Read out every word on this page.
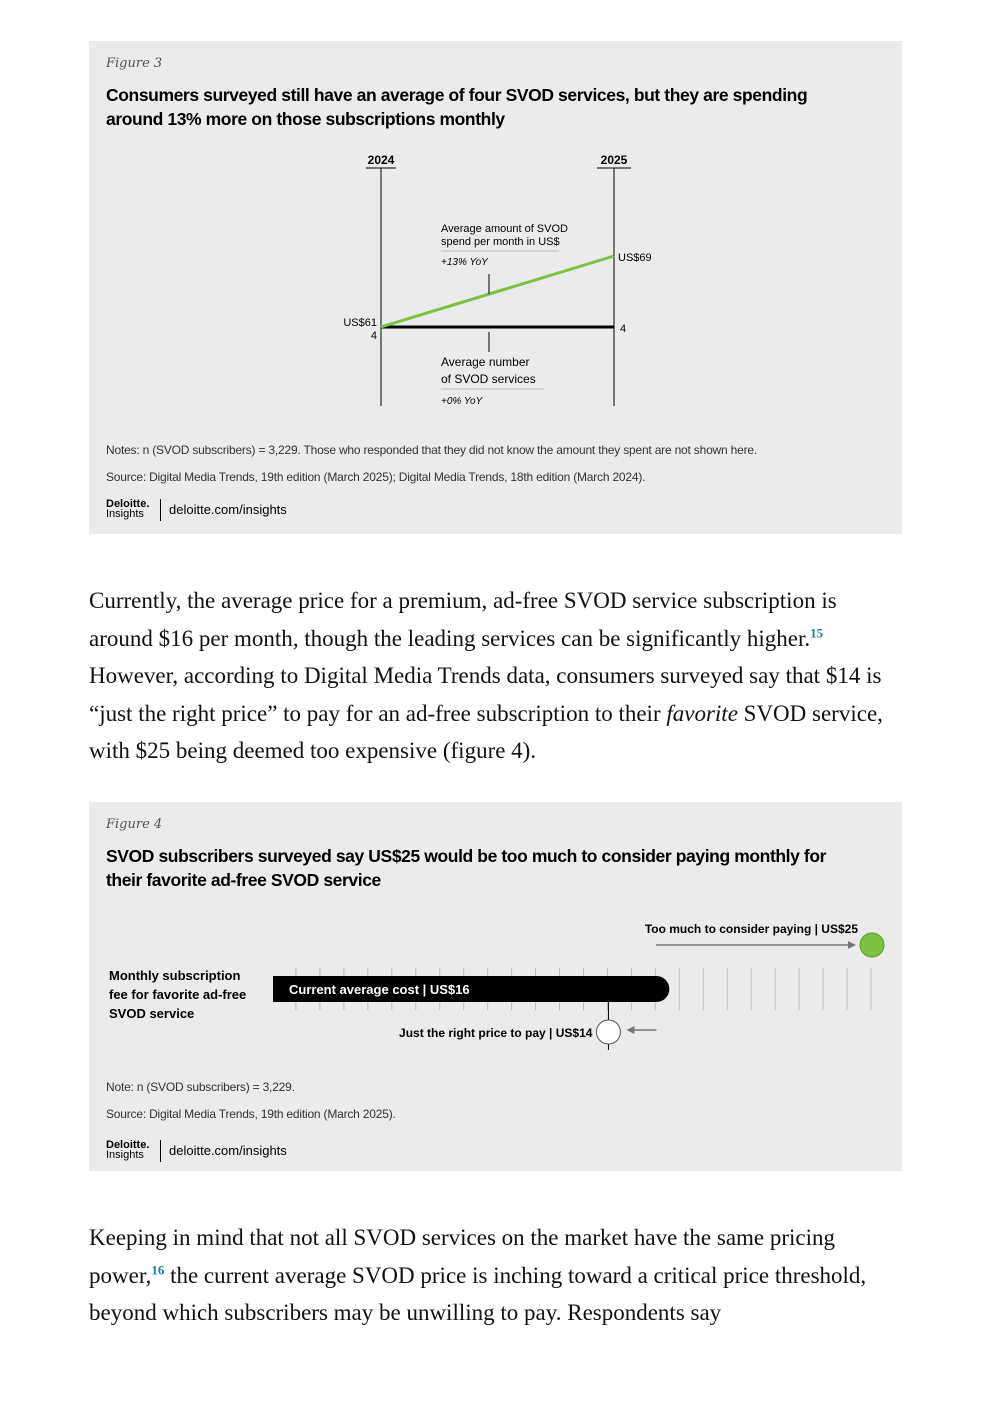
Figure 3
Consumers surveyed still have an average of four SVOD services, but they are spending around 13% more on those subscriptions monthly
2024	2025
Average amount of SVOD
spend per month in US$
+13% YoY
US$61
US$69
4
4
Average number
of SVOD services
+0% YoY
Notes: n (SVOD subscribers) = 3,229. Those who responded that they did not know the amount they spent are not shown here.
Source: Digital Media Trends, 19th edition (March 2025); Digital Media Trends, 18th edition (March 2024).
Deloitte.
Insights	deloitte.com/insights

Currently, the average price for a premium, ad-free SVOD service subscription is around $16 per month, though the leading services can be significantly higher.$^{15}$ However, according to Digital Media Trends data, consumers surveyed say that $14 is “just the right price” to pay for an ad-free subscription to their favorite SVOD service, with $25 being deemed too expensive (figure 4).

Figure 4
SVOD subscribers surveyed say US$25 would be too much to consider paying monthly for their favorite ad-free SVOD service
Monthly subscription
fee for favorite ad-free
SVOD service
Current average cost | US$16
Just the right price to pay | US$14
Too much to consider paying | US$25
Note: n (SVOD subscribers) = 3,229.
Source: Digital Media Trends, 19th edition (March 2025).
Deloitte.
Insights	deloitte.com/insights

Keeping in mind that not all SVOD services on the market have the same pricing power,$^{16}$ the current average SVOD price is inching toward a critical price threshold, beyond which subscribers may be unwilling to pay. Respondents say
